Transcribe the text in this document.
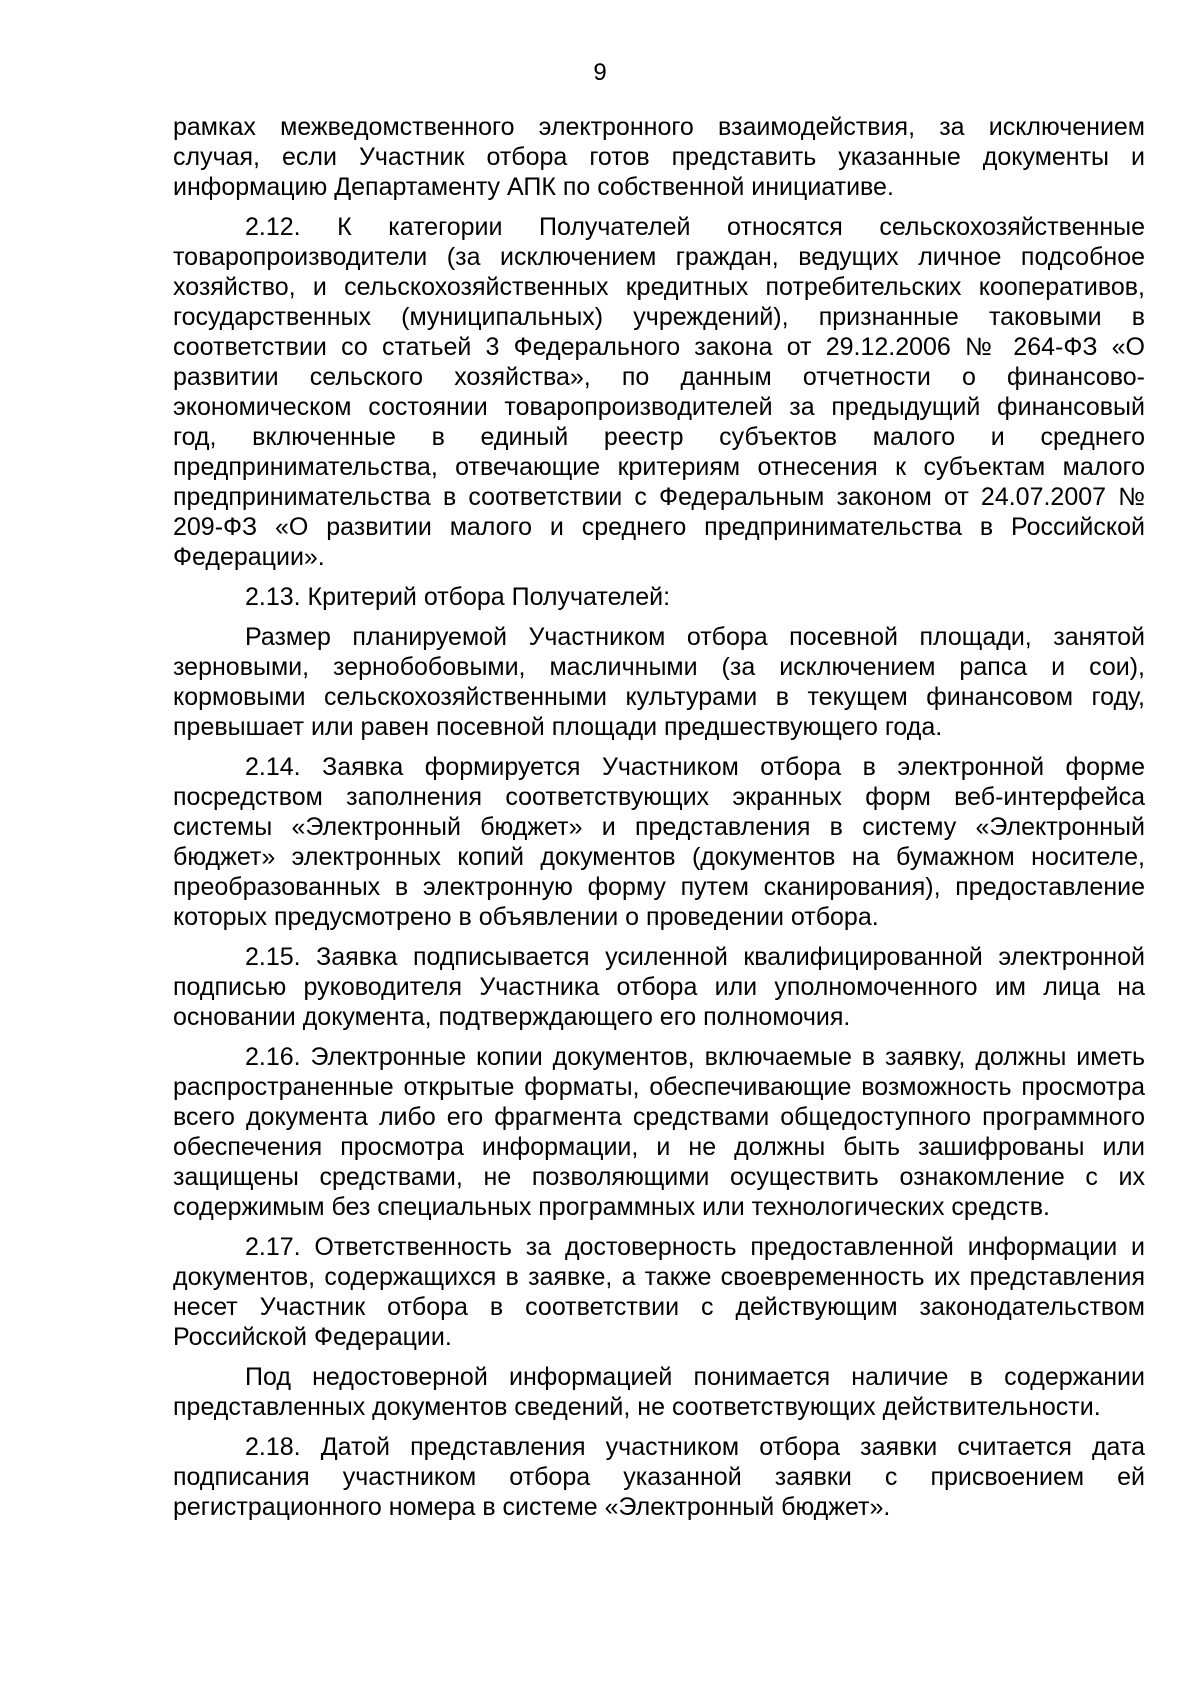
9

рамках межведомственного электронного взаимодействия, за исключением случая, если Участник отбора готов представить указанные документы и информацию Департаменту АПК по собственной инициативе.

2.12. К категории Получателей относятся сельскохозяйственные товаропроизводители (за исключением граждан, ведущих личное подсобное хозяйство, и сельскохозяйственных кредитных потребительских кооперативов, государственных (муниципальных) учреждений), признанные таковыми в соответствии со статьей 3 Федерального закона от 29.12.2006 № 264-ФЗ «О развитии сельского хозяйства», по данным отчетности о финансово-экономическом состоянии товаропроизводителей за предыдущий финансовый год, включенные в единый реестр субъектов малого и среднего предпринимательства, отвечающие критериям отнесения к субъектам малого предпринимательства в соответствии с Федеральным законом от 24.07.2007 № 209-ФЗ «О развитии малого и среднего предпринимательства в Российской Федерации».

2.13. Критерий отбора Получателей:

Размер планируемой Участником отбора посевной площади, занятой зерновыми, зернобобовыми, масличными (за исключением рапса и сои), кормовыми сельскохозяйственными культурами в текущем финансовом году, превышает или равен посевной площади предшествующего года.

2.14. Заявка формируется Участником отбора в электронной форме посредством заполнения соответствующих экранных форм веб-интерфейса системы «Электронный бюджет» и представления в систему «Электронный бюджет» электронных копий документов (документов на бумажном носителе, преобразованных в электронную форму путем сканирования), предоставление которых предусмотрено в объявлении о проведении отбора.

2.15. Заявка подписывается усиленной квалифицированной электронной подписью руководителя Участника отбора или уполномоченного им лица на основании документа, подтверждающего его полномочия.

2.16. Электронные копии документов, включаемые в заявку, должны иметь распространенные открытые форматы, обеспечивающие возможность просмотра всего документа либо его фрагмента средствами общедоступного программного обеспечения просмотра информации, и не должны быть зашифрованы или защищены средствами, не позволяющими осуществить ознакомление с их содержимым без специальных программных или технологических средств.

2.17. Ответственность за достоверность предоставленной информации и документов, содержащихся в заявке, а также своевременность их представления несет Участник отбора в соответствии с действующим законодательством Российской Федерации.

Под недостоверной информацией понимается наличие в содержании представленных документов сведений, не соответствующих действительности.

2.18. Датой представления участником отбора заявки считается дата подписания участником отбора указанной заявки с присвоением ей регистрационного номера в системе «Электронный бюджет».
